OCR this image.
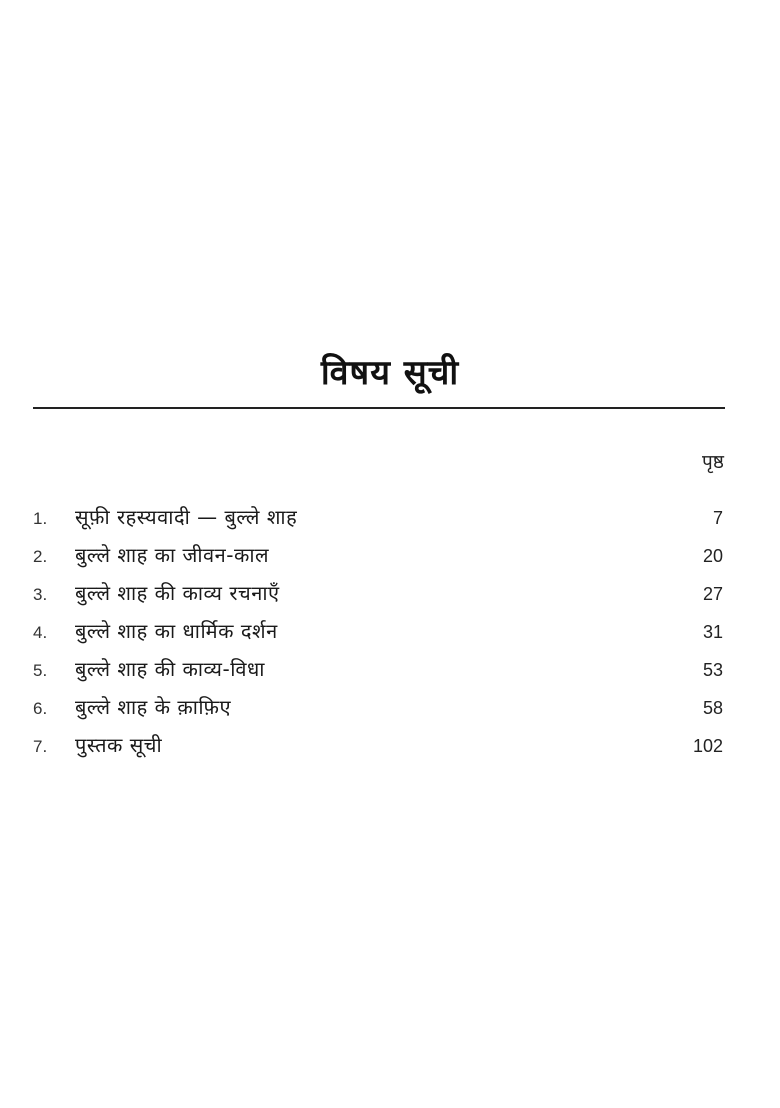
विषय सूची
पृष्ठ
1.	सूफ़ी रहस्यवादी — बुल्ले शाह	7
2.	बुल्ले शाह का जीवन-काल	20
3.	बुल्ले शाह की काव्य रचनाएँ	27
4.	बुल्ले शाह का धार्मिक दर्शन	31
5.	बुल्ले शाह की काव्य-विधा	53
6.	बुल्ले शाह के क़ाफ़िए	58
7.	पुस्तक सूची	102
